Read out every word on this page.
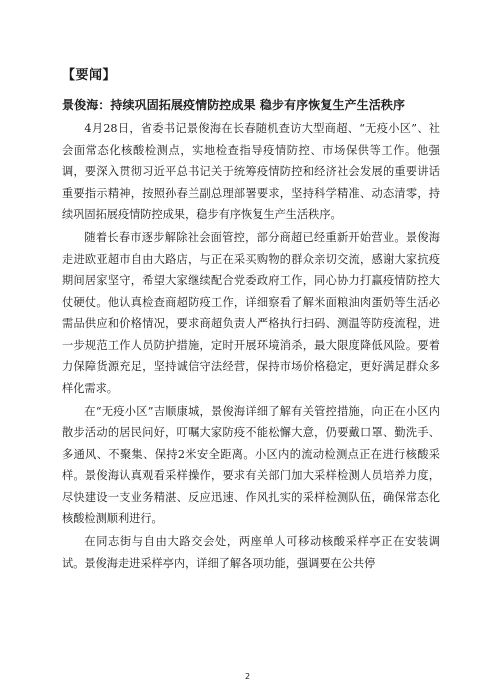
【要闻】
景俊海：持续巩固拓展疫情防控成果 稳步有序恢复生产生活秩序

4月28日，省委书记景俊海在长春随机查访大型商超、“无疫小区”、社会面常态化核酸检测点，实地检查指导疫情防控、市场保供等工作。他强调，要深入贯彻习近平总书记关于统筹疫情防控和经济社会发展的重要讲话重要指示精神，按照孙春兰副总理部署要求，坚持科学精准、动态清零，持续巩固拓展疫情防控成果，稳步有序恢复生产生活秩序。

随着长春市逐步解除社会面管控，部分商超已经重新开始营业。景俊海走进欧亚超市自由大路店，与正在采买购物的群众亲切交流，感谢大家抗疫期间居家坚守，希望大家继续配合党委政府工作，同心协力打赢疫情防控大仗硬仗。他认真检查商超防疫工作，详细察看了解米面粮油肉蛋奶等生活必需品供应和价格情况，要求商超负责人严格执行扫码、测温等防疫流程，进一步规范工作人员防护措施，定时开展环境消杀，最大限度降低风险。要着力保障货源充足，坚持诚信守法经营，保持市场价格稳定，更好满足群众多样化需求。

在“无疫小区”吉顺康城，景俊海详细了解有关管控措施，向正在小区内散步活动的居民问好，叮嘱大家防疫不能松懈大意，仍要戴口罩、勤洗手、多通风、不聚集、保持2米安全距离。小区内的流动检测点正在进行核酸采样。景俊海认真观看采样操作，要求有关部门加大采样检测人员培养力度，尽快建设一支业务精湛、反应迅速、作风扎实的采样检测队伍，确保常态化核酸检测顺利进行。

在同志街与自由大路交会处，两座单人可移动核酸采样亭正在安装调试。景俊海走进采样亭内，详细了解各项功能，强调要在公共停

2
